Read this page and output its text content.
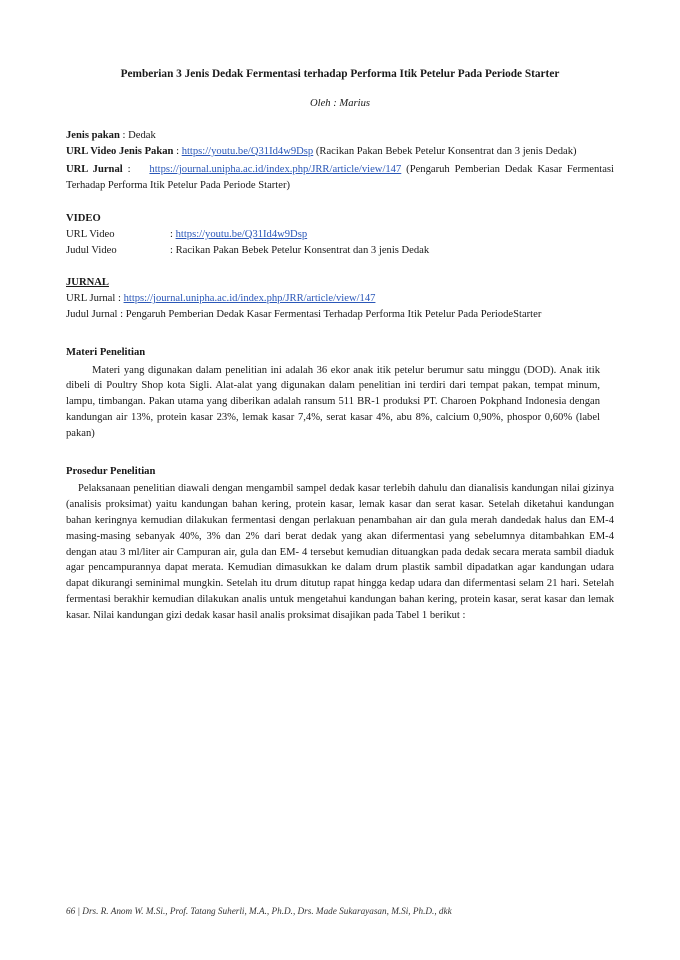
Pemberian 3 Jenis Dedak Fermentasi terhadap Performa Itik Petelur Pada Periode Starter
Oleh : Marius
Jenis pakan : Dedak
URL Video Jenis Pakan : https://youtu.be/Q31Id4w9Dsp (Racikan Pakan Bebek Petelur Konsentrat dan 3 jenis Dedak)
URL Jurnal : https://journal.unipha.ac.id/index.php/JRR/article/view/147 (Pengaruh Pemberian Dedak Kasar Fermentasi Terhadap Performa Itik Petelur Pada Periode Starter)
VIDEO
URL Video	: https://youtu.be/Q31Id4w9Dsp
Judul Video	: Racikan Pakan Bebek Petelur Konsentrat dan 3 jenis Dedak
JURNAL
URL Jurnal : https://journal.unipha.ac.id/index.php/JRR/article/view/147
Judul Jurnal : Pengaruh Pemberian Dedak Kasar Fermentasi Terhadap Performa Itik Petelur Pada PeriodeStarter
Materi Penelitian
Materi yang digunakan dalam penelitian ini adalah 36 ekor anak itik petelur berumur satu minggu (DOD). Anak itik dibeli di Poultry Shop kota Sigli. Alat-alat yang digunakan dalam penelitian ini terdiri dari tempat pakan, tempat minum, lampu, timbangan. Pakan utama yang diberikan adalah ransum 511 BR-1 produksi PT. Charoen Pokphand Indonesia dengan kandungan air 13%, protein kasar 23%, lemak kasar 7,4%, serat kasar 4%, abu 8%, calcium 0,90%, phospor 0,60% (label pakan)
Prosedur Penelitian
Pelaksanaan penelitian diawali dengan mengambil sampel dedak kasar terlebih dahulu dan dianalisis kandungan nilai gizinya (analisis proksimat) yaitu kandungan bahan kering, protein kasar, lemak kasar dan serat kasar. Setelah diketahui kandungan bahan keringnya kemudian dilakukan fermentasi dengan perlakuan penambahan air dan gula merah dandedak halus dan EM-4 masing-masing sebanyak 40%, 3% dan 2% dari berat dedak yang akan difermentasi yang sebelumnya ditambahkan EM-4 dengan atau 3 ml/liter air Campuran air, gula dan EM- 4 tersebut kemudian dituangkan pada dedak secara merata sambil diaduk agar pencampurannya dapat merata. Kemudian dimasukkan ke dalam drum plastik sambil dipadatkan agar kandungan udara dapat dikurangi seminimal mungkin. Setelah itu drum ditutup rapat hingga kedap udara dan difermentasi selam 21 hari. Setelah fermentasi berakhir kemudian dilakukan analis untuk mengetahui kandungan bahan kering, protein kasar, serat kasar dan lemak kasar. Nilai kandungan gizi dedak kasar hasil analis proksimat disajikan pada Tabel 1 berikut :
66 | Drs. R. Anom W. M.Si., Prof. Tatang Suherli, M.A., Ph.D., Drs. Made Sukarayasan, M.Si, Ph.D., dkk
